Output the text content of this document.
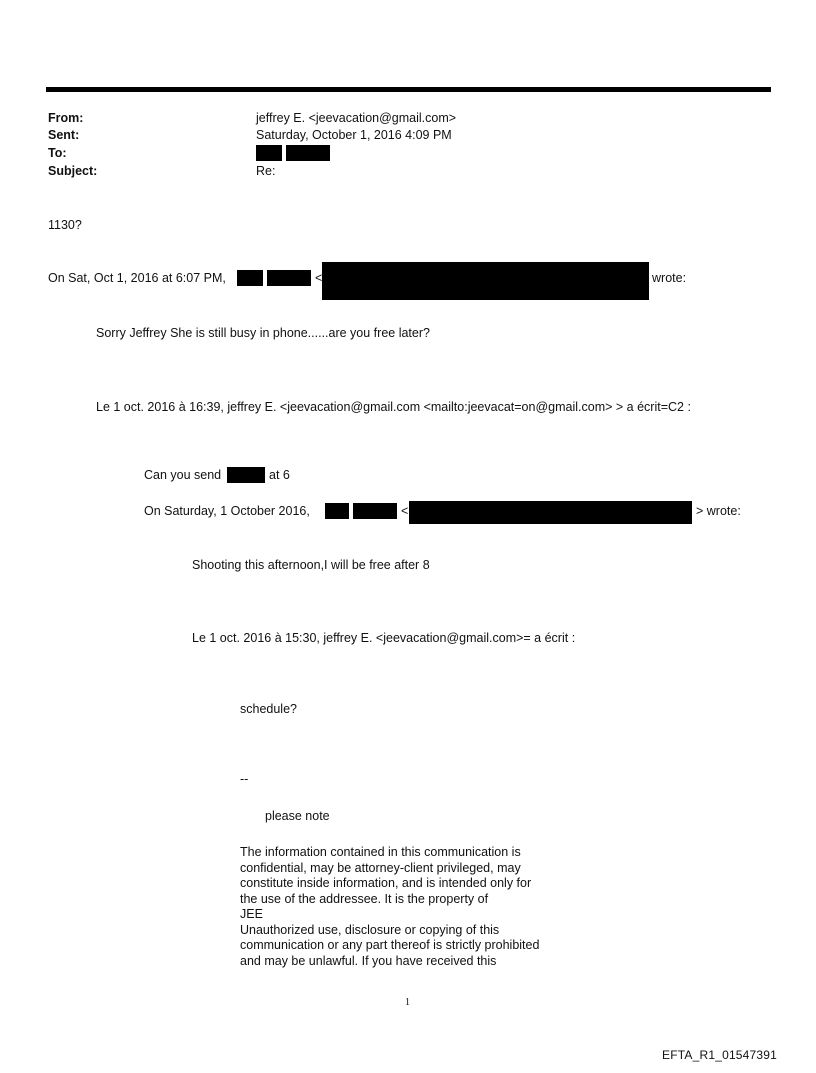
From:	jeffrey E. <jeevacation@gmail.com>
Sent:	Saturday, October 1, 2016 4:09 PM
To:
Subject:	Re:
1130?
On Sat, Oct 1, 2016 at 6:07 PM,	<	wrote:
Sorry Jeffrey She is still busy in phone......are you free later?
Le 1 oct. 2016 à 16:39, jeffrey E. <jeevacation@gmail.com <mailto:jeevacat=on@gmail.com> > a écrit=C2 :
Can you send	at 6
On Saturday, 1 October 2016,	<	> wrote:
Shooting this afternoon,I will be free after 8
Le 1 oct. 2016 à 15:30, jeffrey E. <jeevacation@gmail.com>= a écrit :
schedule?
--
please note
The information contained in this communication is
confidential, may be attorney-client privileged, may
constitute inside information, and is intended only for
the use of the addressee. It is the property of
JEE
Unauthorized use, disclosure or copying of this
communication or any part thereof is strictly prohibited
and may be unlawful. If you have received this
1
EFTA_R1_01547391
